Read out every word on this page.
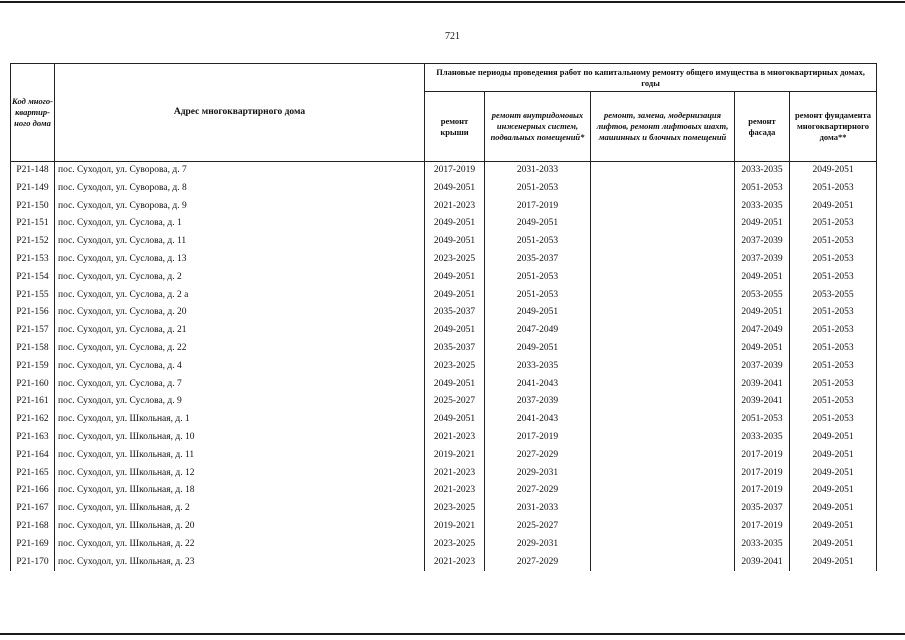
721
Код много-квартир-ного дома	Адрес многоквартирного дома	Плановые периоды проведения работ по капитальному ремонту общего имущества в многоквартирных домах, годы				
		ремонт крыши	ремонт внутридомовых инженерных систем, подвальных помещений*	ремонт, замена, модернизация лифтов, ремонт лифтовых шахт, машинных и блочных помещений	ремонт фасада	ремонт фундамента многоквартирного дома**
P21-148	пос. Суходол, ул. Суворова, д. 7	2017-2019	2031-2033		2033-2035	2049-2051
P21-149	пос. Суходол, ул. Суворова, д. 8	2049-2051	2051-2053		2051-2053	2051-2053
P21-150	пос. Суходол, ул. Суворова, д. 9	2021-2023	2017-2019		2033-2035	2049-2051
P21-151	пос. Суходол, ул. Суслова, д. 1	2049-2051	2049-2051		2049-2051	2051-2053
P21-152	пос. Суходол, ул. Суслова, д. 11	2049-2051	2051-2053		2037-2039	2051-2053
P21-153	пос. Суходол, ул. Суслова, д. 13	2023-2025	2035-2037		2037-2039	2051-2053
P21-154	пос. Суходол, ул. Суслова, д. 2	2049-2051	2051-2053		2049-2051	2051-2053
P21-155	пос. Суходол, ул. Суслова, д. 2 а	2049-2051	2051-2053		2053-2055	2053-2055
P21-156	пос. Суходол, ул. Суслова, д. 20	2035-2037	2049-2051		2049-2051	2051-2053
P21-157	пос. Суходол, ул. Суслова, д. 21	2049-2051	2047-2049		2047-2049	2051-2053
P21-158	пос. Суходол, ул. Суслова, д. 22	2035-2037	2049-2051		2049-2051	2051-2053
P21-159	пос. Суходол, ул. Суслова, д. 4	2023-2025	2033-2035		2037-2039	2051-2053
P21-160	пос. Суходол, ул. Суслова, д. 7	2049-2051	2041-2043		2039-2041	2051-2053
P21-161	пос. Суходол, ул. Суслова, д. 9	2025-2027	2037-2039		2039-2041	2051-2053
P21-162	пос. Суходол, ул. Школьная, д. 1	2049-2051	2041-2043		2051-2053	2051-2053
P21-163	пос. Суходол, ул. Школьная, д. 10	2021-2023	2017-2019		2033-2035	2049-2051
P21-164	пос. Суходол, ул. Школьная, д. 11	2019-2021	2027-2029		2017-2019	2049-2051
P21-165	пос. Суходол, ул. Школьная, д. 12	2021-2023	2029-2031		2017-2019	2049-2051
P21-166	пос. Суходол, ул. Школьная, д. 18	2021-2023	2027-2029		2017-2019	2049-2051
P21-167	пос. Суходол, ул. Школьная, д. 2	2023-2025	2031-2033		2035-2037	2049-2051
P21-168	пос. Суходол, ул. Школьная, д. 20	2019-2021	2025-2027		2017-2019	2049-2051
P21-169	пос. Суходол, ул. Школьная, д. 22	2023-2025	2029-2031		2033-2035	2049-2051
P21-170	пос. Суходол, ул. Школьная, д. 23	2021-2023	2027-2029		2039-2041	2049-2051
